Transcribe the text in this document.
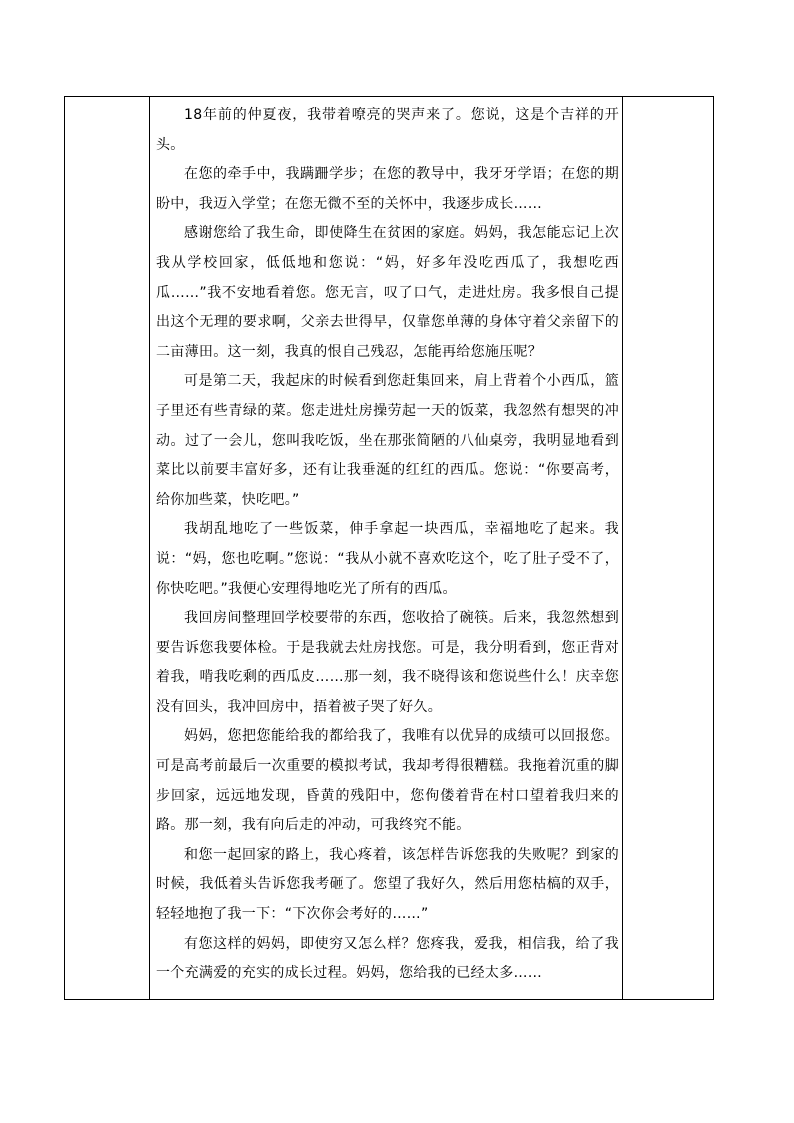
18年前的仲夏夜，我带着嘹亮的哭声来了。您说，这是个吉祥的开头。

在您的牵手中，我蹒跚学步；在您的教导中，我牙牙学语；在您的期盼中，我迈入学堂；在您无微不至的关怀中，我逐步成长……

感谢您给了我生命，即使降生在贫困的家庭。妈妈，我怎能忘记上次我从学校回家，低低地和您说：“妈，好多年没吃西瓜了，我想吃西瓜……”我不安地看着您。您无言，叹了口气，走进灶房。我多恨自己提出这个无理的要求啊，父亲去世得早，仅靠您单薄的身体守着父亲留下的二亩薄田。这一刻，我真的恨自己残忍，怎能再给您施压呢？

可是第二天，我起床的时候看到您赶集回来，肩上背着个小西瓜，篮子里还有些青绿的菜。您走进灶房操劳起一天的饭菜，我忽然有想哭的冲动。过了一会儿，您叫我吃饭，坐在那张简陋的八仙桌旁，我明显地看到菜比以前要丰富好多，还有让我垂涎的红红的西瓜。您说：“你要高考，给你加些菜，快吃吧。”

我胡乱地吃了一些饭菜，伸手拿起一块西瓜，幸福地吃了起来。我说：“妈，您也吃啊。”您说：“我从小就不喜欢吃这个，吃了肚子受不了，你快吃吧。”我便心安理得地吃光了所有的西瓜。

我回房间整理回学校要带的东西，您收拾了碗筷。后来，我忽然想到要告诉您我要体检。于是我就去灶房找您。可是，我分明看到，您正背对着我，啃我吃剩的西瓜皮……那一刻，我不晓得该和您说些什么！庆幸您没有回头，我冲回房中，捂着被子哭了好久。

妈妈，您把您能给我的都给我了，我唯有以优异的成绩可以回报您。可是高考前最后一次重要的模拟考试，我却考得很糟糕。我拖着沉重的脚步回家，远远地发现，昏黄的残阳中，您佝偻着背在村口望着我归来的路。那一刻，我有向后走的冲动，可我终究不能。

和您一起回家的路上，我心疼着，该怎样告诉您我的失败呢？到家的时候，我低着头告诉您我考砸了。您望了我好久，然后用您枯槁的双手，轻轻地抱了我一下：“下次你会考好的……”

有您这样的妈妈，即使穷又怎么样？您疼我，爱我，相信我，给了我一个充满爱的充实的成长过程。妈妈，您给我的已经太多……
